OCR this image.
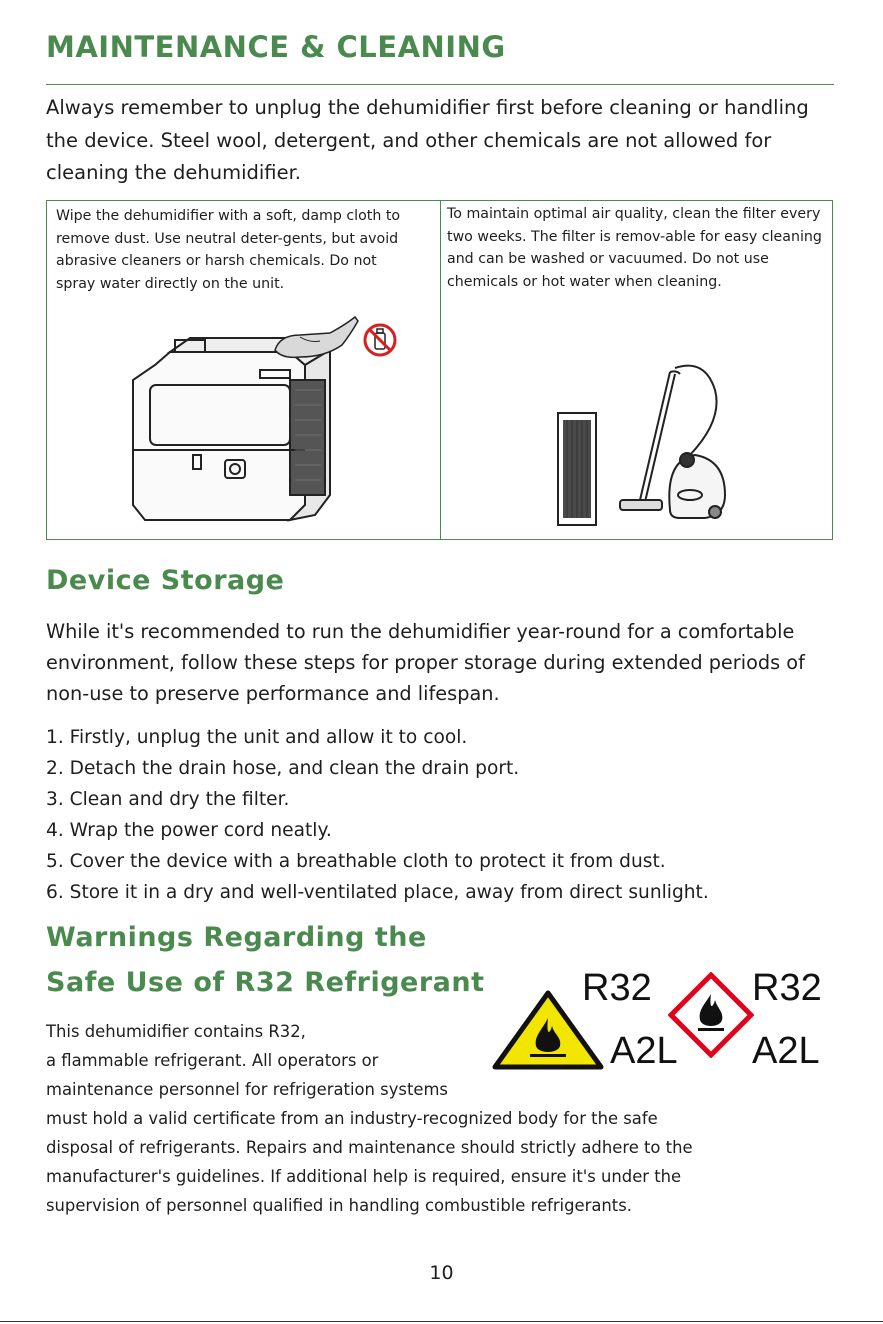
MAINTENANCE & CLEANING
Always remember to unplug the dehumidifier first before cleaning or handling the device. Steel wool, detergent, and other chemicals are not allowed for cleaning the dehumidifier.
Wipe the dehumidifier with a soft, damp cloth to remove dust. Use neutral deter-gents, but avoid abrasive cleaners or harsh chemicals. Do not spray water directly on the unit.
To maintain optimal air quality, clean the filter every two weeks. The filter is remov-able for easy cleaning and can be washed or vacuumed. Do not use chemicals or hot water when cleaning.
Device Storage
While it's recommended to run the dehumidifier year-round for a comfortable environment, follow these steps for proper storage during extended periods of non-use to preserve performance and lifespan.
1. Firstly, unplug the unit and allow it to cool.
2. Detach the drain hose, and clean the drain port.
3. Clean and dry the filter.
4. Wrap the power cord neatly.
5. Cover the device with a breathable cloth to protect it from dust.
6. Store it in a dry and well-ventilated place, away from direct sunlight.
Warnings Regarding the
Safe Use of R32 Refrigerant
This dehumidifier contains R32,
a flammable refrigerant. All operators or
maintenance personnel for refrigeration systems
must hold a valid certificate from an industry-recognized body for the safe
disposal of refrigerants. Repairs and maintenance should strictly adhere to the
manufacturer's guidelines. If additional help is required, ensure it's under the
supervision of personnel qualified in handling combustible refrigerants.
R32
A2L
R32
A2L
10
